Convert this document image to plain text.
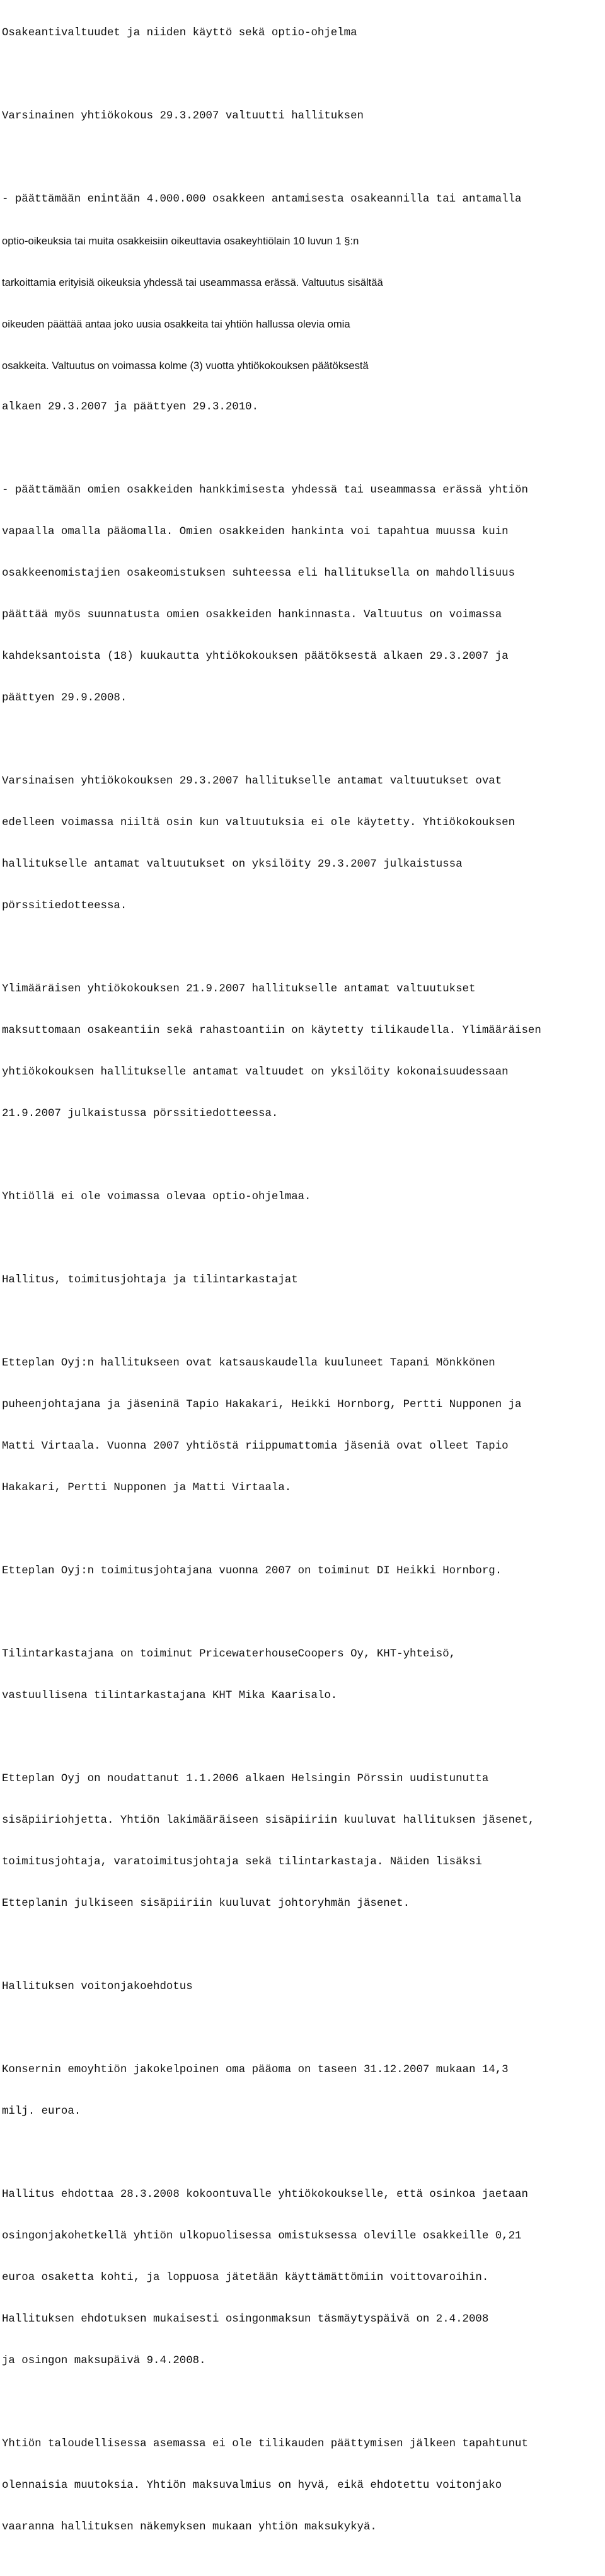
Osakeantivaltuudet ja niiden käyttö sekä optio-ohjelma

Varsinainen yhtiökokous 29.3.2007 valtuutti hallituksen

- päättämään enintään 4.000.000 osakkeen antamisesta osakeannilla tai antamalla

optio-oikeuksia tai muita osakkeisiin oikeuttavia osakeyhtiölain 10 luvun 1 §:n

tarkoittamia erityisiä oikeuksia yhdessä tai useammassa erässä. Valtuutus sisältää

oikeuden päättää antaa joko uusia osakkeita tai yhtiön hallussa olevia omia

osakkeita. Valtuutus on voimassa kolme (3) vuotta yhtiökokouksen päätöksestä

alkaen 29.3.2007 ja päättyen 29.3.2010.

- päättämään omien osakkeiden hankkimisesta yhdessä tai useammassa erässä yhtiön

vapaalla omalla pääomalla. Omien osakkeiden hankinta voi tapahtua muussa kuin

osakkeenomistajien osakeomistuksen suhteessa eli hallituksella on mahdollisuus

päättää myös suunnatusta omien osakkeiden hankinnasta. Valtuutus on voimassa

kahdeksantoista (18) kuukautta yhtiökokouksen päätöksestä alkaen 29.3.2007 ja

päättyen 29.9.2008.

Varsinaisen yhtiökokouksen 29.3.2007 hallitukselle antamat valtuutukset ovat

edelleen voimassa niiltä osin kun valtuutuksia ei ole käytetty. Yhtiökokouksen

hallitukselle antamat valtuutukset on yksilöity 29.3.2007 julkaistussa

pörssitiedotteessa.

Ylimääräisen yhtiökokouksen 21.9.2007 hallitukselle antamat valtuutukset

maksuttomaan osakeantiin sekä rahastoantiin on käytetty tilikaudella. Ylimääräisen

yhtiökokouksen hallitukselle antamat valtuudet on yksilöity kokonaisuudessaan

21.9.2007 julkaistussa pörssitiedotteessa.

Yhtiöllä ei ole voimassa olevaa optio-ohjelmaa.

Hallitus, toimitusjohtaja ja tilintarkastajat

Etteplan Oyj:n hallitukseen ovat katsauskaudella kuuluneet Tapani Mönkkönen

puheenjohtajana ja jäseninä Tapio Hakakari, Heikki Hornborg, Pertti Nupponen ja

Matti Virtaala. Vuonna 2007 yhtiöstä riippumattomia jäseniä ovat olleet Tapio

Hakakari, Pertti Nupponen ja Matti Virtaala.

Etteplan Oyj:n toimitusjohtajana vuonna 2007 on toiminut DI Heikki Hornborg.

Tilintarkastajana on toiminut PricewaterhouseCoopers Oy, KHT-yhteisö,

vastuullisena tilintarkastajana KHT Mika Kaarisalo.

Etteplan Oyj on noudattanut 1.1.2006 alkaen Helsingin Pörssin uudistunutta

sisäpiiriohjetta. Yhtiön lakimääräiseen sisäpiiriin kuuluvat hallituksen jäsenet,

toimitusjohtaja, varatoimitusjohtaja sekä tilintarkastaja. Näiden lisäksi

Etteplanin julkiseen sisäpiiriin kuuluvat johtoryhmän jäsenet.

Hallituksen voitonjakoehdotus

Konsernin emoyhtiön jakokelpoinen oma pääoma on taseen 31.12.2007 mukaan 14,3

milj. euroa.

Hallitus ehdottaa 28.3.2008 kokoontuvalle yhtiökokoukselle, että osinkoa jaetaan

osingonjakohetkellä yhtiön ulkopuolisessa omistuksessa oleville osakkeille 0,21

euroa osaketta kohti, ja loppuosa jätetään käyttämättömiin voittovaroihin.

Hallituksen ehdotuksen mukaisesti osingonmaksun täsmäytyspäivä on 2.4.2008

ja osingon maksupäivä 9.4.2008.

Yhtiön taloudellisessa asemassa ei ole tilikauden päättymisen jälkeen tapahtunut

olennaisia muutoksia. Yhtiön maksuvalmius on hyvä, eikä ehdotettu voitonjako

vaaranna hallituksen näkemyksen mukaan yhtiön maksukykyä.
